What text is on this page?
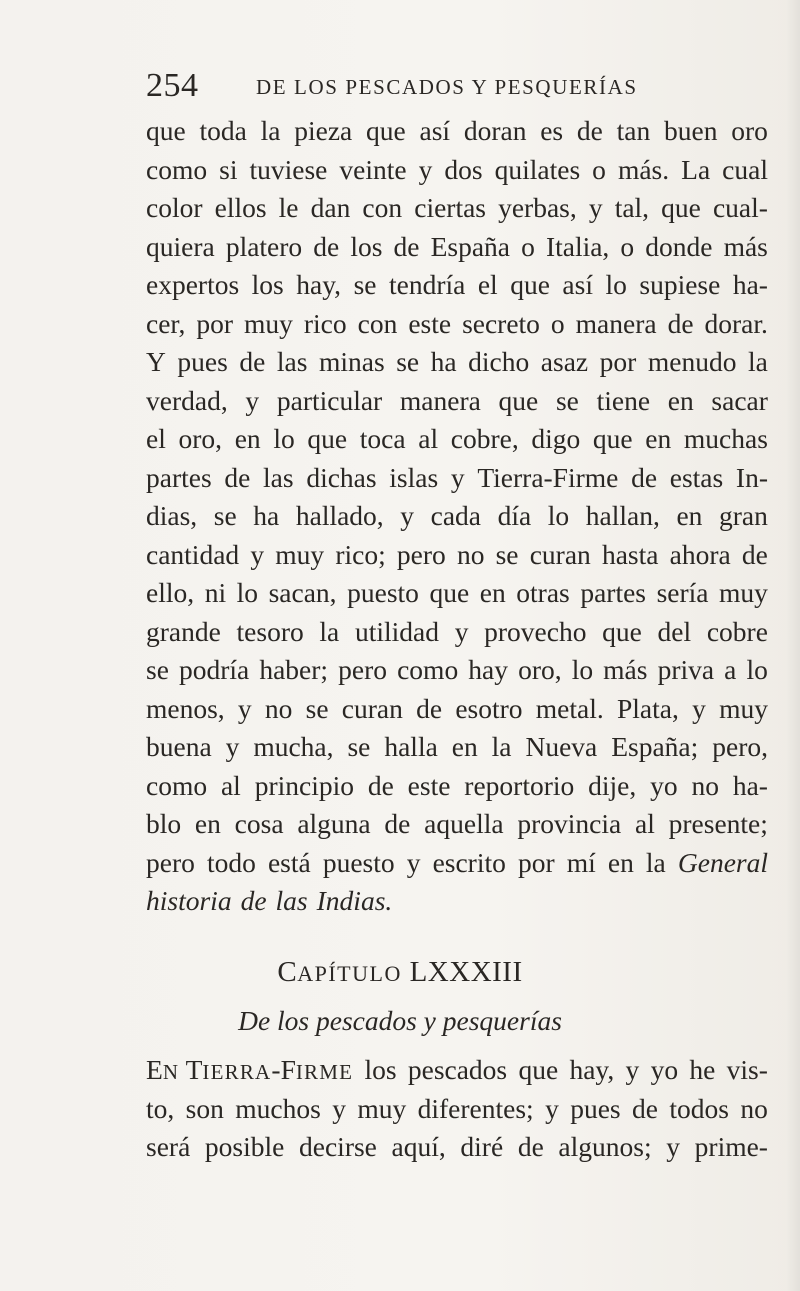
254	DE LOS PESCADOS Y PESQUERÍAS
que toda la pieza que así doran es de tan buen oro
como si tuviese veinte y dos quilates o más. La cual
color ellos le dan con ciertas yerbas, y tal, que cual-
quiera platero de los de España o Italia, o donde más
expertos los hay, se tendría el que así lo supiese ha-
cer, por muy rico con este secreto o manera de dorar.
Y pues de las minas se ha dicho asaz por menudo la
verdad, y particular manera que se tiene en sacar
el oro, en lo que toca al cobre, digo que en muchas
partes de las dichas islas y Tierra-Firme de estas In-
dias, se ha hallado, y cada día lo hallan, en gran
cantidad y muy rico; pero no se curan hasta ahora de
ello, ni lo sacan, puesto que en otras partes sería muy
grande tesoro la utilidad y provecho que del cobre
se podría haber; pero como hay oro, lo más priva a lo
menos, y no se curan de esotro metal. Plata, y muy
buena y mucha, se halla en la Nueva España; pero,
como al principio de este reportorio dije, yo no ha-
blo en cosa alguna de aquella provincia al presente;
pero todo está puesto y escrito por mí en la General
historia de las Indias.
CAPÍTULO LXXXIII
De los pescados y pesquerías
EN TIERRA-FIRME los pescados que hay, y yo he vis-
to, son muchos y muy diferentes; y pues de todos no
será posible decirse aquí, diré de algunos; y prime-
